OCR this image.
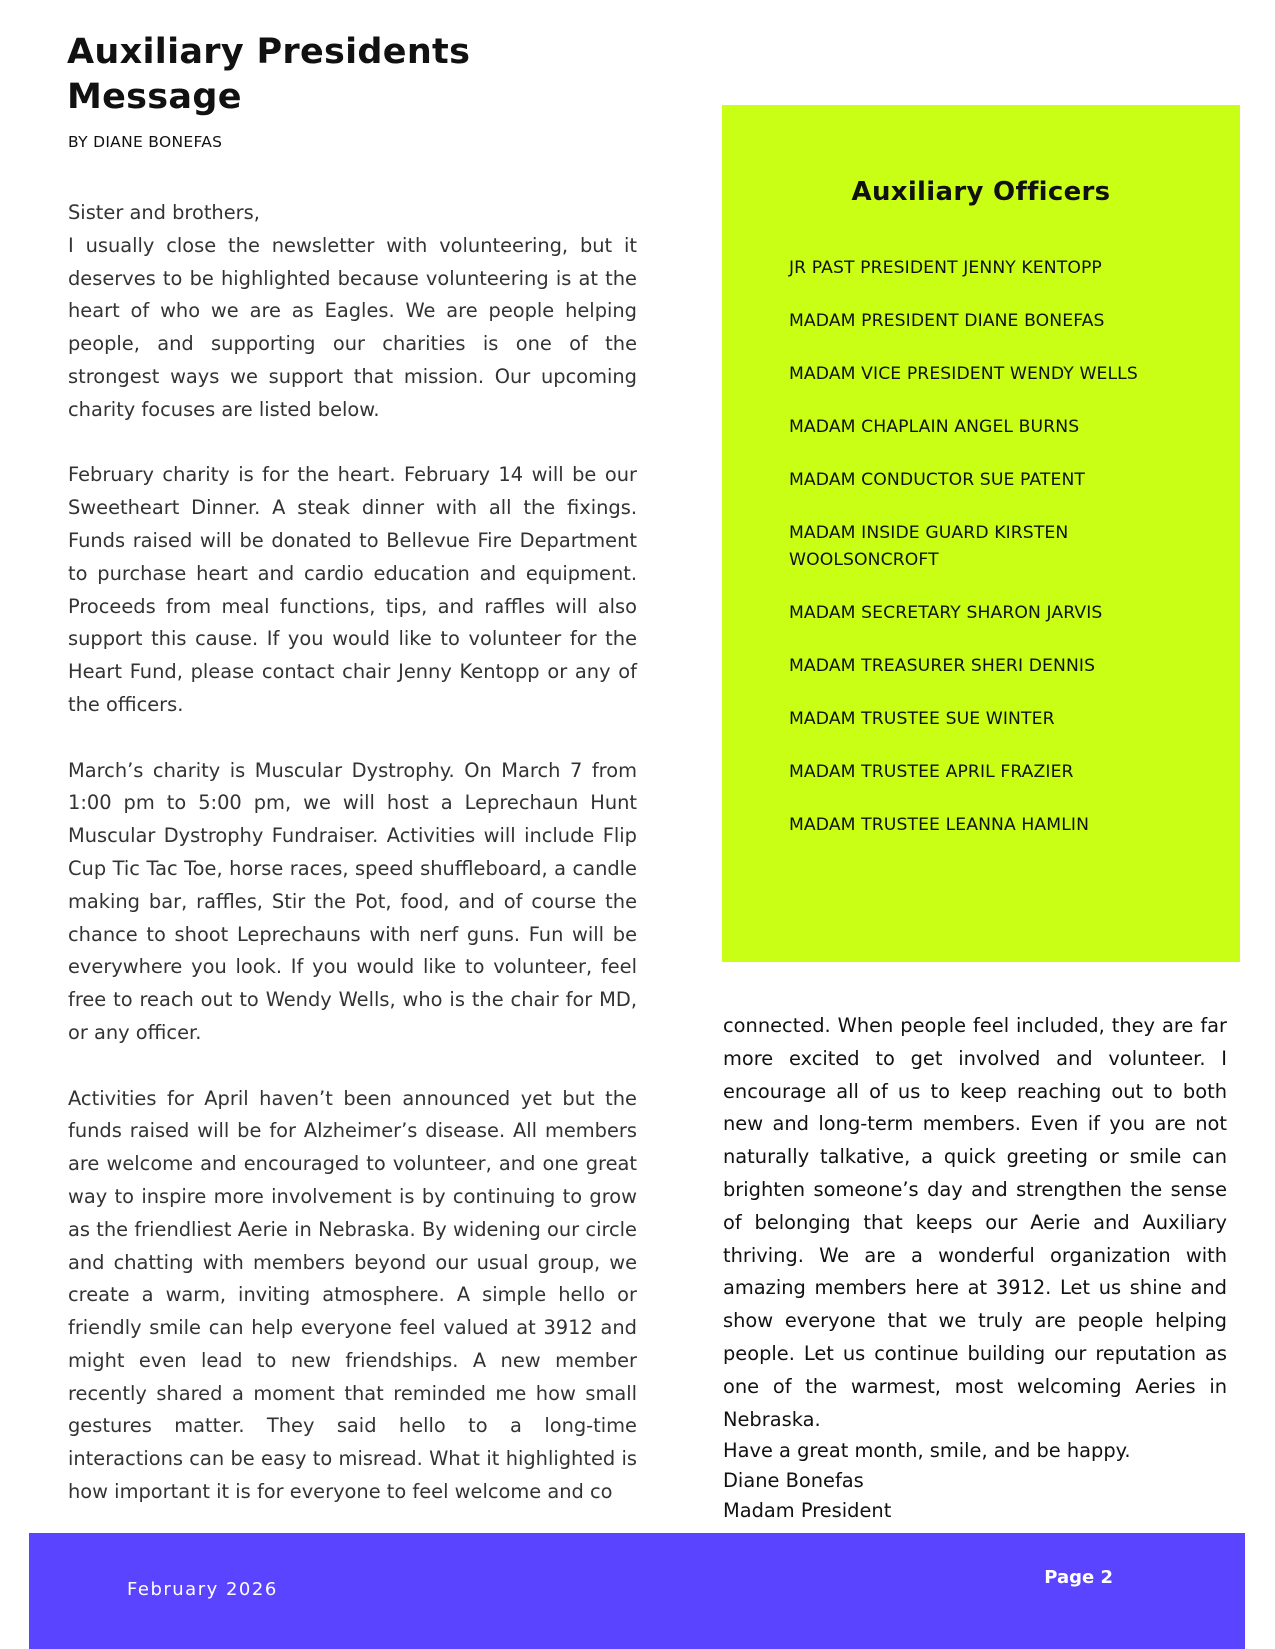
Auxiliary Presidents Message
BY DIANE BONEFAS

Sister and brothers,

I usually close the newsletter with volunteering, but it deserves to be highlighted because volunteering is at the heart of who we are as Eagles. We are people helping people, and supporting our charities is one of the strongest ways we support that mission. Our upcoming charity focuses are listed below.

February charity is for the heart. February 14 will be our Sweetheart Dinner. A steak dinner with all the fixings. Funds raised will be donated to Bellevue Fire Department to purchase heart and cardio education and equipment. Proceeds from meal functions, tips, and raffles will also support this cause. If you would like to volunteer for the Heart Fund, please contact chair Jenny Kentopp or any of the officers.

March’s charity is Muscular Dystrophy. On March 7 from 1:00 pm to 5:00 pm, we will host a Leprechaun Hunt Muscular Dystrophy Fundraiser. Activities will include Flip Cup Tic Tac Toe, horse races, speed shuffleboard, a candle making bar, raffles, Stir the Pot, food, and of course the chance to shoot Leprechauns with nerf guns. Fun will be everywhere you look. If you would like to volunteer, feel free to reach out to Wendy Wells, who is the chair for MD, or any officer.

Activities for April haven’t been announced yet but the funds raised will be for Alzheimer’s disease. All members are welcome and encouraged to volunteer, and one great way to inspire more involvement is by continuing to grow as the friendliest Aerie in Nebraska. By widening our circle and chatting with members beyond our usual group, we create a warm, inviting atmosphere. A simple hello or friendly smile can help everyone feel valued at 3912 and might even lead to new friendships. A new member recently shared a moment that reminded me how small gestures matter. They said hello to a long-time interactions can be easy to misread. What it highlighted is how important it is for everyone to feel welcome and co

Auxiliary Officers
JR PAST PRESIDENT JENNY KENTOPP
MADAM PRESIDENT DIANE BONEFAS
MADAM VICE PRESIDENT WENDY WELLS
MADAM CHAPLAIN ANGEL BURNS
MADAM CONDUCTOR SUE PATENT
MADAM INSIDE GUARD KIRSTEN WOOLSONCROFT
MADAM SECRETARY SHARON JARVIS
MADAM TREASURER SHERI DENNIS
MADAM TRUSTEE SUE WINTER
MADAM TRUSTEE APRIL FRAZIER
MADAM TRUSTEE LEANNA HAMLIN

connected. When people feel included, they are far more excited to get involved and volunteer. I encourage all of us to keep reaching out to both new and long-term members. Even if you are not naturally talkative, a quick greeting or smile can brighten someone’s day and strengthen the sense of belonging that keeps our Aerie and Auxiliary thriving. We are a wonderful organization with amazing members here at 3912. Let us shine and show everyone that we truly are people helping people. Let us continue building our reputation as one of the warmest, most welcoming Aeries in Nebraska.

Have a great month, smile, and be happy.
Diane Bonefas
Madam President
February 2026
Page 2
